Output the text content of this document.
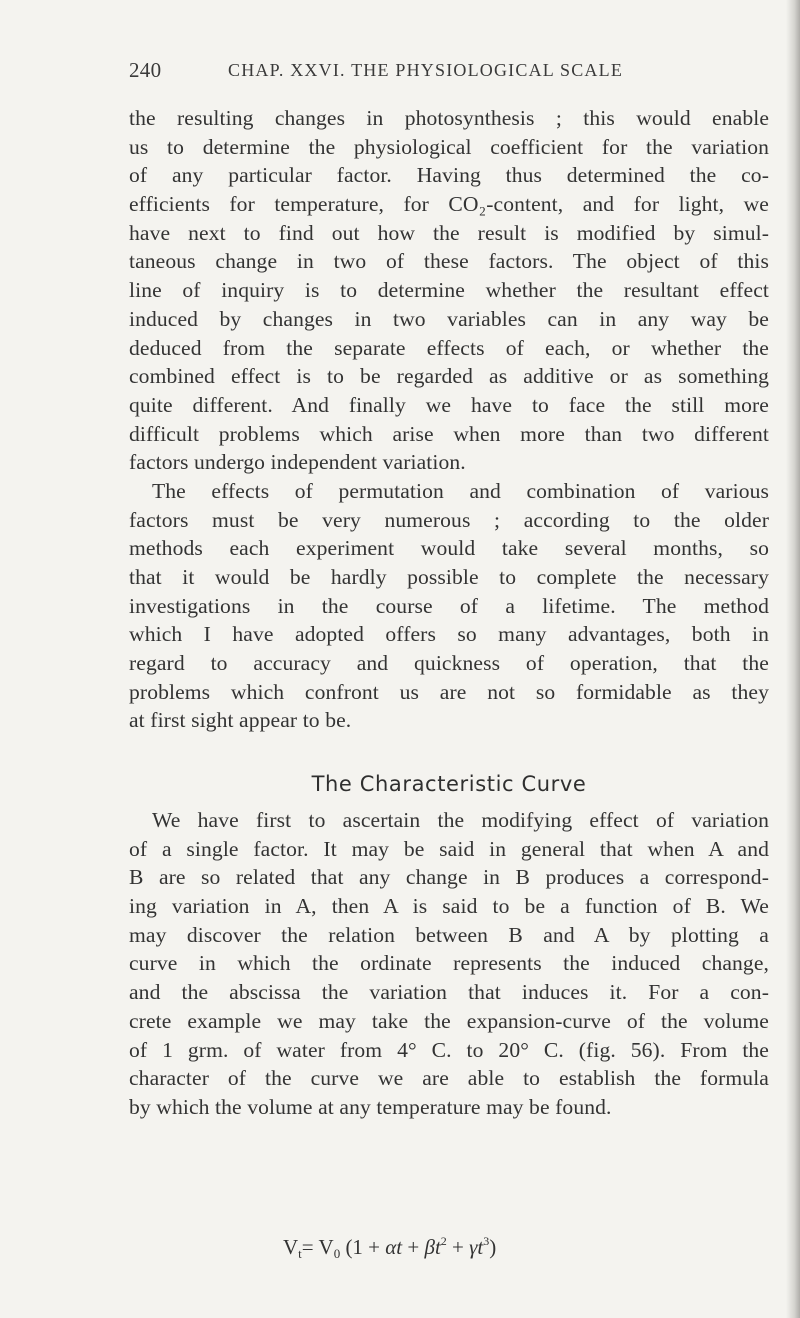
240	CHAP. XXVI. THE PHYSIOLOGICAL SCALE
the resulting changes in photosynthesis ; this would enable
us to determine the physiological coefficient for the variation
of any particular factor. Having thus determined the co-
efficients for temperature, for CO₂-content, and for light, we
have next to find out how the result is modified by simul-
taneous change in two of these factors. The object of this
line of inquiry is to determine whether the resultant effect
induced by changes in two variables can in any way be
deduced from the separate effects of each, or whether the
combined effect is to be regarded as additive or as something
quite different. And finally we have to face the still more
difficult problems which arise when more than two different
factors undergo independent variation.
The effects of permutation and combination of various
factors must be very numerous ; according to the older
methods each experiment would take several months, so
that it would be hardly possible to complete the necessary
investigations in the course of a lifetime. The method
which I have adopted offers so many advantages, both in
regard to accuracy and quickness of operation, that the
problems which confront us are not so formidable as they
at first sight appear to be.
The Characteristic Curve
We have first to ascertain the modifying effect of variation
of a single factor. It may be said in general that when A and
B are so related that any change in B produces a correspond-
ing variation in A, then A is said to be a function of B. We
may discover the relation between B and A by plotting a
curve in which the ordinate represents the induced change,
and the abscissa the variation that induces it. For a con-
crete example we may take the expansion-curve of the volume
of 1 grm. of water from 4° C. to 20° C. (fig. 56). From the
character of the curve we are able to establish the formula
by which the volume at any temperature may be found.
$V_t= V_0$ $(1 + \alpha t + \beta t^2 + \gamma t^3)$
